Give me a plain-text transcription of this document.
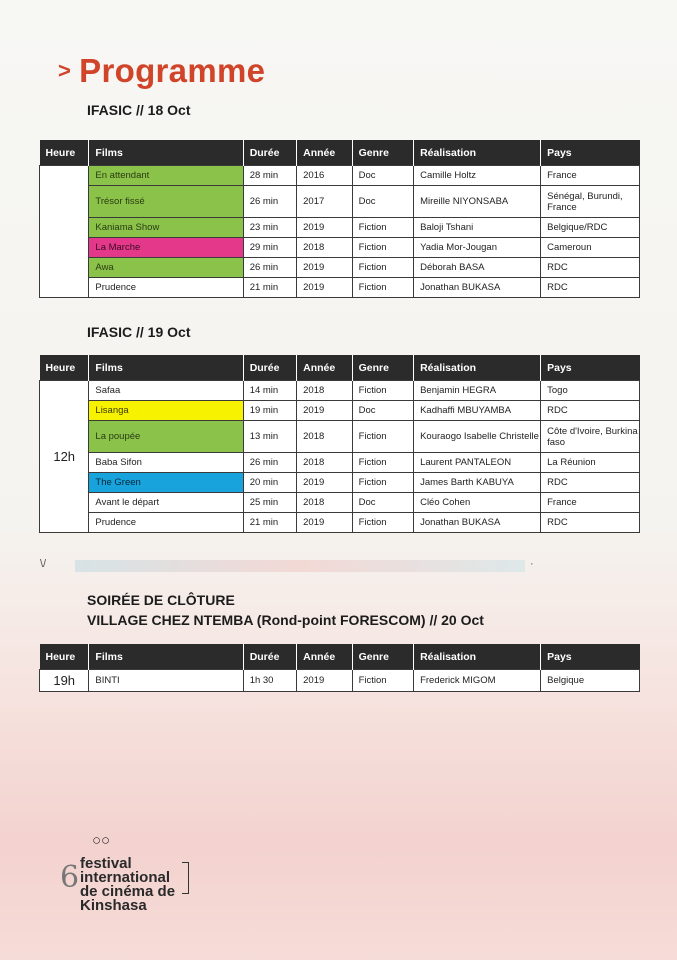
> Programme
IFASIC // 18 Oct
Heure	Films	Durée	Année	Genre	Réalisation	Pays
	En attendant	28 min	2016	Doc	Camille Holtz	France
	Trésor fissé	26 min	2017	Doc	Mireille NIYONSABA	Sénégal, Burundi, France
	Kaniama Show	23 min	2019	Fiction	Baloji Tshani	Belgique/RDC
	La Marche	29 min	2018	Fiction	Yadia Mor-Jougan	Cameroun
	Awa	26 min	2019	Fiction	Déborah BASA	RDC
	Prudence	21 min	2019	Fiction	Jonathan BUKASA	RDC
IFASIC // 19 Oct
Heure	Films	Durée	Année	Genre	Réalisation	Pays
12h	Safaa	14 min	2018	Fiction	Benjamin HEGRA	Togo
	Lisanga	19 min	2019	Doc	Kadhaffi MBUYAMBA	RDC
	La poupée	13 min	2018	Fiction	Kouraogo Isabelle Christelle	Côte d'Ivoire, Burkina faso
	Baba Sifon	26 min	2018	Fiction	Laurent PANTALEON	La Réunion
	The Green	20 min	2019	Fiction	James Barth KABUYA	RDC
	Avant le départ	25 min	2018	Doc	Cléo Cohen	France
	Prudence	21 min	2019	Fiction	Jonathan BUKASA	RDC
\/	·
SOIRÉE DE CLÔTURE
VILLAGE CHEZ NTEMBA (Rond-point FORESCOM) // 20 Oct
Heure	Films	Durée	Année	Genre	Réalisation	Pays
19h	BINTI	1h 30	2019	Fiction	Frederick MIGOM	Belgique
○○
6 festival
international
de cinéma de
Kinshasa
